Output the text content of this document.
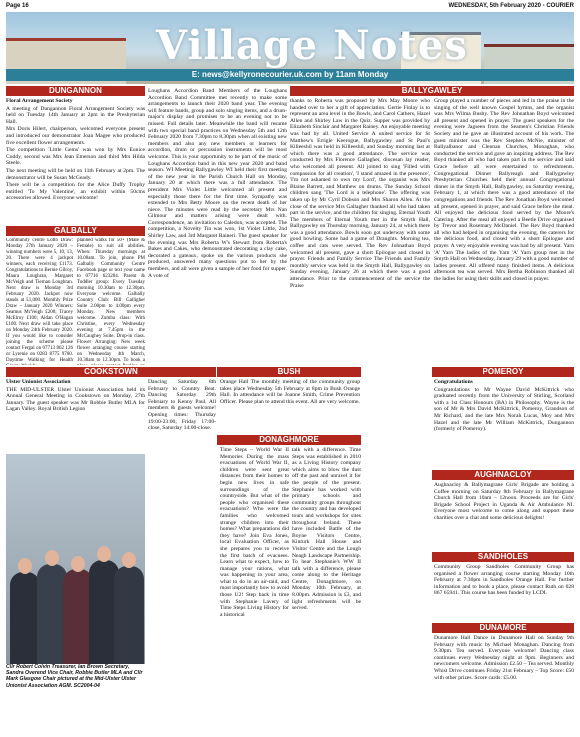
Page 16	WEDNESDAY, 5th February 2020 - COURIER
Village Notes
E: news@kellyronecourier.uk.com by 11am Monday
DUNGANNON	BALLYGAWLEY
GALBALLY
COOKSTOWN	BUSH	POMEROY
DONAGHMORE
AUGHNACLOY
SANDHOLES
DUNAMORE

Floral Arrangement Society

A meeting of Dungannon Floral Arrangement Society was held on Tuesday 14th January at 2pm in the Presbyterian Hall.

Mrs Doris Hilert, chairperson, welcomed everyone present and introduced our demonstrator Joan Magee who produced five excellent flower arrangements.

The competition 'Little Gems' was won by Mrs Eunice Cuddy, second was Mrs Jean Emerson and third Mrs Hilda Steele.

The next meeting will be held on 11th February at 2pm. The demonstrator will be Susan McGeady.

There will be a competition for the Alice Duffy Trophy entitled 'To My Valentine', an exhibit within 50cms accessories allowed. Everyone welcome!

Community centre Lotto Draw: Monday 27th January 2020 – winning numbers were 5, 10, 13, 20. There were 4 jackpot winners, each receiving £1173. Congratulations to Bernie Gilroy, Maura Loughran, Margaret McVeigh and Tiernan Loughran. Next draw is Monday 3rd February 2020. Jackpot now stands at £1,000. Monthly Prize Draw – January 2020 Winners: Seamus McVeigh £200; Tracey McElroy £100; Aidan O'Hagan £100. Next draw will take place on Monday 24th February 2020. If you would like to consider joining the scheme please contact Fergal on 07713 862 126 or Lyrenie on 0283 8775 9760. Daytime Walking for Health
planned walks for 50+ (Male & Female) to suit all abilities. When: Thursday mornings at 10.00am. To join, phone PM Galbally Community Centre Facebook page or text your name to 07716 623204. Parent & Toddler group: Every Tuesday morning 10.30am to 12.30pm. Everyone welcome. Galbally Country Club: Bill Galligher Suite 2.00pm to 4.00pm every Monday. New members welcome. Zumba class: With Christine, every Wednesday evening at 7.45pm in the McCaughey Suite. Drop-in class. Flower Arranging: New week flower arranging course starting on Wednesday 4th March, 10.30am to 12.30pm. To book a
Loughans Accordion Band Members of the Loughans Accordion Band Committee met recently to make some arrangements to launch their 2020 band year. The evening will feature bands, group and solo singing items, and a drum-major's display and promises to be an evening not to be missed. Full details later. Meanwhile the band will resume with two special band practices on Wednesday 5th and 12th February 2020 from 7.30pm to 8.30pm when all existing new members and also any new members or learners for accordion, drum or percussion instruments will be most welcome. This is your opportunity to be part of the music of Loughans Accordion band in this new year 2020 and band season. WI Meeting Ballygawley WI held their first meeting of the new year in the Parish Church Hall on Monday, January 20 at which there was a full attendance. The president Mrs Violet Little welcomed all present and especially those there for the first time. Sympathy was extended to Mrs Betty Moore on the recent death of her niece. The minutes were read by the secretary Mrs Nan Gilmour and matters arising were dealt with. Correspondence, an invitation to Caledon, was accepted. The competition, a Novelty Tin was won, 1st Violet Little, 2nd Shirley Law, and 3rd Margaret Raineri. The guest speaker for the evening was Mrs Roberta W's Stewart from Roberta's Bakes and Cakes, who demonstrated decorating a clay cake, decorated a gateaux, spoke on the various products she produced, answered many questions put to her by the members, and all were given a sample of her food for supper. A vote of
thanks to Roberta was proposed by Mrs May Moore who handed over to her a gift of appreciation. Gertie Finlay is to represent an area level in the Bowls, and Carol Cathers, Hazel Allen and Shirley Law in the Quiz. Supper was provided by Elizabeth Sinclair and Margaret Rainey. An enjoyable meeting was had by all. United Service A united service for St Matthew's Errigle Keerogue, Ballygawley and St Paul's Killeeshil was held in Killeeshil, and Sunday morning last at which there was a good attendance. The service was conducted by Mrs Florence Gallagher, diocesan lay reader, who welcomed all present. All joined to sing 'Filled with compassion for all creation', 'I stand amazed in the presence', 'I'm not ashamed to own my Lord', the organist was Mrs Blaine Barrett, and Matthew on drums. The Sunday School children sang 'The Lord is a telephone'. The offering was taken up by Mr Cyril Dobson and Mrs Sharon Allen. At the close of the service Mrs Gallagher thanked all who had taken part in the service, and the children for singing. Eternal Youth The members of Eternal Youth met in the Smyth Hall, Ballygawley on Thursday morning, January 24, at which there was a good attendance. Bowls soon got underway with some good bowling. Some had a game of Draughts. Morning tea, coffee and cats were served. The Rev Johnathan Boyd welcomed all present, gave a short Epilogue and closed in prayer. Friends and Family Service The Friends and Family monthly service was held in the Smyth Hall, Ballygawley on Sunday evening, January 26 at which there was a good attendance. Prior to the commencement of the service the Praise
Group played a number of pieces and led in the praise in the singing of the well known Gospel hymns, and the organist was Mrs Wilma Busby. The Rev Johnathan Boyd welcomed all present and opened in prayer. The guest speakers for the evening were Jagseen from the Seamen's Christian Friends Society and he gave an illustrated account of his work. The guest minister was the Rev Stephen McNie, minister of Ballyalbanor and Clennan Churches, Monaghan, who conducted the service and gave an inspiring address. The Rev Boyd thanked all who had taken part in the service and said Grace before all were entertained to refreshments. Congregational Dinner Ballyreagh and Ballygawley Presbyterian Churches held their annual Congregational dinner in the Smyth Hall, Ballygawley, on Saturday evening, February 1, at which there was a good attendance of the congregations and friends. The Rev Jonathan Boyd welcomed all present, opened in prayer, and said Grace before the meal. All enjoyed the delicious food served by the Moore's Catering. After the meal all enjoyed a Beetle Drive organised by Trevor and Rosemary McDaniel. The Rev Boyd thanked all who had helped in organising the evening, the caterers for the delicious food, and closed with a short Epilogue and prayer. A very enjoyable evening was had by all present. Yarn 'A' Yarn The ladies of the Yarn 'A' Yarn group met in the Smyth Hall on Wednesday, January 29 with a good number of ladies present. All offered many finished items. A delicious afternoon tea was served. Mrs Bertha Robinson thanked all the ladies for using their skills and closed in prayer.

Ulster Unionist Association

THE MID-ULSTER Ulster Unionist Association held its Annual General Meeting in Cookstown on Monday, 27th January. The guest speaker was Mr Robbie Butler MLA for Lagan Valley. Royal British Legion

Dancing Saturday 8th February to Country Beat. Dancing Saturday 29th February to Kenny Paul. All members & guests welcome! Opening times: Thursday 19:00-23:00, Friday 17:00-close, Saturday 14:00-close.
Cllr Robert Colvin Treasurer, Ian Brown Secretary, Sandra Overend Vice Chair, Robbie Butler MLA and Cllr Mark Glasgow Chair pictured at the Mid-Ulster Ulster Unionist Association AGM. SC2004-04
Orange Hall The monthly meeting of the community group takes place Wednesday 5th February at 8pm in Bush Orange Hall. In attendance will be Joanne Smith, Crime Prevention Officer. Please plan to attend this event. All are very welcome.
Time Steps – World War II Memories During the mass evacuations of World War II, children were sent great distances from their homes to begin new lives in safe surroundings of the countryside. But what of the people who organised these evacuations? Who were the families who welcomed strange children into their homes? What preparations did they have? Join Eva Jones, local Evaluation Officer, as she prepares you to receive the first batch of evacuees. Learn what to expect, how to manage your rations, what was happening in your area, what to do in an air-raid, and most importantly how to avoid those U2! Step back in time with Stephanie Lavery of Time Steps Living History for a historical
talk with a difference. Time Steps was established in 2010 as a Living History company which aims to blow the dust off the past and unravel it for the people of the present. Stephanie has worked with primary schools and community groups throughout the country and has developed tours and workshops for sites throughout Ireland. These have included Battle of the Boyne Visitors Centre, Kinturk Hall House and Visitor Centre and the Lough Neagh Landscape Partnership. To hear Stephanie's WW II talk with a difference, please come along to the Heritage Centre, Donaghmore, on Monday 10th February, at 8.00pm. Admission is £3, and light refreshments will be served.

Congratulations

Congratulations to Mr Wayne David McKittrick who graduated recently from the University of Stirling, Scotland with a 1st Class Honours (BA) in Philosophy. Wayne is the son of Mr & Mrs David McKittrick, Pomeroy, Grandson of Mr Richard, and the late Mrs Norah Lucas, Moy and Mrs Hazel and the late Mr William McKittrick, Dungannon (formerly of Pomeroy).

Aughnacloy & Ballymagrane Girls' Brigade are holding a Coffee morning on Saturday 8th February in Ballymagrane Church Hall from 10am – 12noon. Proceeds are for Girls' Brigade School Project in Uganda & Air Ambulance NI. Everyone most welcome to come along and support these charities over a chat and some delicious delights!
Community Group Sandholes Community Group has organised a flower arranging course starting Monday 10th February at 7:30pm in Sandholes Orange Hall. For further information and to book a place, please contact Ruth on 028 867 65941. This course has been funded by LCDI.
Dunamore Hall Dance in Dunamore Hall on Sunday 9th February with music by Michael Monaghan. Dancing from 9.30pm. Tea served. Everyone welcome! Dancing class continues every Wednesday night at 9pm. Beginners and newcomers welcome. Admission £2.50 – Tea served. Monthly Whist Drive continues Friday 21st February – Top Score: £50 with other prizes. Score cards: £5.00.
